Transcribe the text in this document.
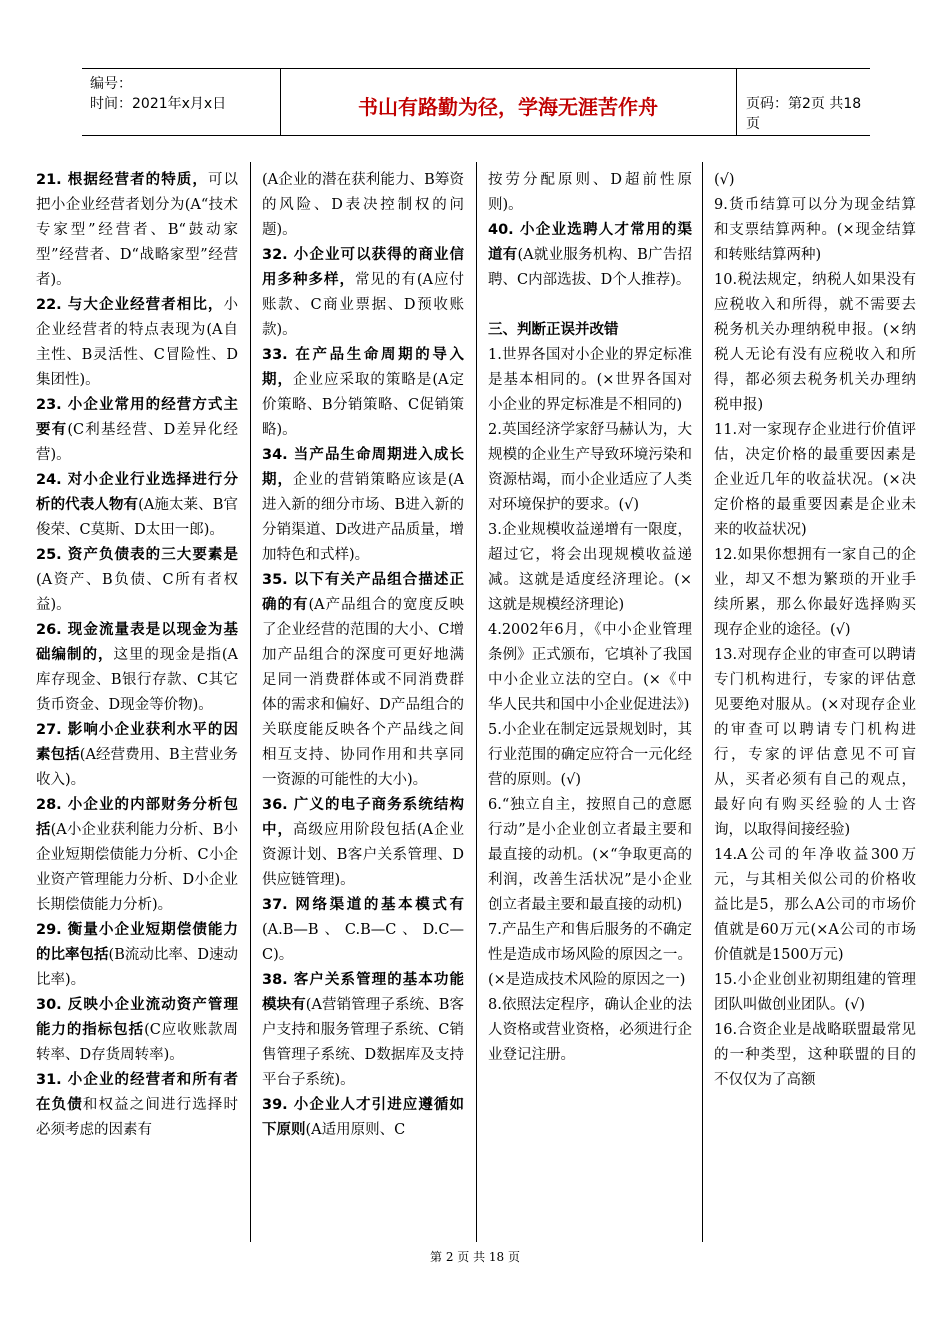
编号：
时间：2021年x月x日	书山有路勤为径，学海无涯苦作舟	页码：第2页 共18页

21. 根据经营者的特质，可以把小企业经营者划分为(A“技术专家型”经营者、B“鼓动家型”经营者、D“战略家型”经营者)。

22. 与大企业经营者相比，小企业经营者的特点表现为(A自主性、B灵活性、C冒险性、D集团性)。

23. 小企业常用的经营方式主要有(C利基经营、D差异化经营)。

24. 对小企业行业选择进行分析的代表人物有(A施太莱、B官俊荣、C莫斯、D太田一郎)。

25. 资产负债表的三大要素是(A资产、B负债、C所有者权益)。

26. 现金流量表是以现金为基础编制的，这里的现金是指(A库存现金、B银行存款、C其它货币资金、D现金等价物)。

27. 影响小企业获利水平的因素包括(A经营费用、B主营业务收入)。

28. 小企业的内部财务分析包括(A小企业获利能力分析、B小企业短期偿债能力分析、C小企业资产管理能力分析、D小企业长期偿债能力分析)。

29. 衡量小企业短期偿债能力的比率包括(B流动比率、D速动比率)。

30. 反映小企业流动资产管理能力的指标包括(C应收账款周转率、D存货周转率)。

31. 小企业的经营者和所有者在负债和权益之间进行选择时必须考虑的因素有

(A企业的潜在获利能力、B筹资的风险、D表决控制权的问题)。

32. 小企业可以获得的商业信用多种多样，常见的有(A应付账款、C商业票据、D预收账款)。

33. 在产品生命周期的导入期，企业应采取的策略是(A定价策略、B分销策略、C促销策略)。

34. 当产品生命周期进入成长期，企业的营销策略应该是(A进入新的细分市场、B进入新的分销渠道、D改进产品质量，增加特色和式样)。

35. 以下有关产品组合描述正确的有(A产品组合的宽度反映了企业经营的范围的大小、C增加产品组合的深度可更好地满足同一消费群体或不同消费群体的需求和偏好、D产品组合的关联度能反映各个产品线之间相互支持、协同作用和共享同一资源的可能性的大小)。

36. 广义的电子商务系统结构中，高级应用阶段包括(A企业资源计划、B客户关系管理、D供应链管理)。

37. 网络渠道的基本模式有(A.B—B、C.B—C、D.C—C)。

38. 客户关系管理的基本功能模块有(A营销管理子系统、B客户支持和服务管理子系统、C销售管理子系统、D数据库及支持平台子系统)。

39. 小企业人才引进应遵循如下原则(A适用原则、C

按劳分配原则、D超前性原则)。

40. 小企业选聘人才常用的渠道有(A就业服务机构、B广告招聘、C内部选拔、D个人推荐)。

三、判断正误并改错

1.世界各国对小企业的界定标准是基本相同的。(×世界各国对小企业的界定标准是不相同的)

2.英国经济学家舒马赫认为，大规模的企业生产导致环境污染和资源枯竭，而小企业适应了人类对环境保护的要求。(√)

3.企业规模收益递增有一限度，超过它，将会出现规模收益递减。这就是适度经济理论。(×这就是规模经济理论)

4.2002年6月，《中小企业管理条例》正式颁布，它填补了我国中小企业立法的空白。(×《中华人民共和国中小企业促进法》)

5.小企业在制定远景规划时，其行业范围的确定应符合一元化经营的原则。(√)

6.“独立自主，按照自己的意愿行动”是小企业创立者最主要和最直接的动机。(×“争取更高的利润，改善生活状况”是小企业创立者最主要和最直接的动机)

7.产品生产和售后服务的不确定性是造成市场风险的原因之一。(×是造成技术风险的原因之一)

8.依照法定程序，确认企业的法人资格或营业资格，必须进行企业登记注册。

(√)

9.货币结算可以分为现金结算和支票结算两种。(×现金结算和转账结算两种)

10.税法规定，纳税人如果没有应税收入和所得，就不需要去税务机关办理纳税申报。(×纳税人无论有没有应税收入和所得，都必须去税务机关办理纳税申报)

11.对一家现存企业进行价值评估，决定价格的最重要因素是企业近几年的收益状况。(×决定价格的最重要因素是企业未来的收益状况)

12.如果你想拥有一家自己的企业，却又不想为繁琐的开业手续所累，那么你最好选择购买现存企业的途径。(√)

13.对现存企业的审查可以聘请专门机构进行，专家的评估意见要绝对服从。(×对现存企业的审查可以聘请专门机构进行，专家的评估意见不可盲从，买者必须有自己的观点，最好向有购买经验的人士咨询，以取得间接经验)

14.A公司的年净收益300万元，与其相关似公司的价格收益比是5，那么A公司的市场价值就是60万元(×A公司的市场价值就是1500万元)

15.小企业创业初期组建的管理团队叫做创业团队。(√)

16.合资企业是战略联盟最常见的一种类型，这种联盟的目的不仅仅为了高额

第 2 页 共 18 页
